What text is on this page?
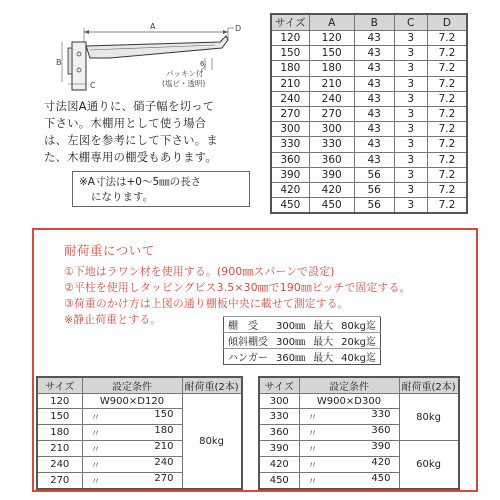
A	D
B
C
6
パッキン付
(塩ビ・透明)
寸法図A通りに、硝子幅を切って
下さい。木棚用として使う場合
は、左図を参考にして下さい。ま
た、木棚専用の棚受もあります。
※A寸法は+0～5㎜の長さ
になります。
サイズ	A	B	C	D
120	120	43	3	7.2
150	150	43	3	7.2
180	180	43	3	7.2
210	210	43	3	7.2
240	240	43	3	7.2
270	270	43	3	7.2
300	300	43	3	7.2
330	330	43	3	7.2
360	360	43	3	7.2
390	390	56	3	7.2
420	420	56	3	7.2
450	450	56	3	7.2
耐荷重について
①下地はラワン材を使用する。(900㎜スパーンで設定)
②平柱を使用しタッピングビス3.5×30㎜で190㎜ピッチで固定する。
③荷重のかけ方は上図の通り棚板中央に載せて測定する。
※静止荷重とする。
棚　受	300㎜	最大	80kg迄
傾斜棚受	300㎜	最大	20kg迄
ハンガー	360㎜	最大	40kg迄
サイズ	設定条件	耐荷重(2本)
120	W900×D120	80kg
150	〃 150	

180	〃 180	

210	〃 210	

240	〃 240	

270	〃 270	
サイズ	設定条件	耐荷重(2本)
300	W900×D300	80kg
330	〃 330	

360	〃 360	

390	〃 390	60kg
420	〃 420	

450	〃 450	
